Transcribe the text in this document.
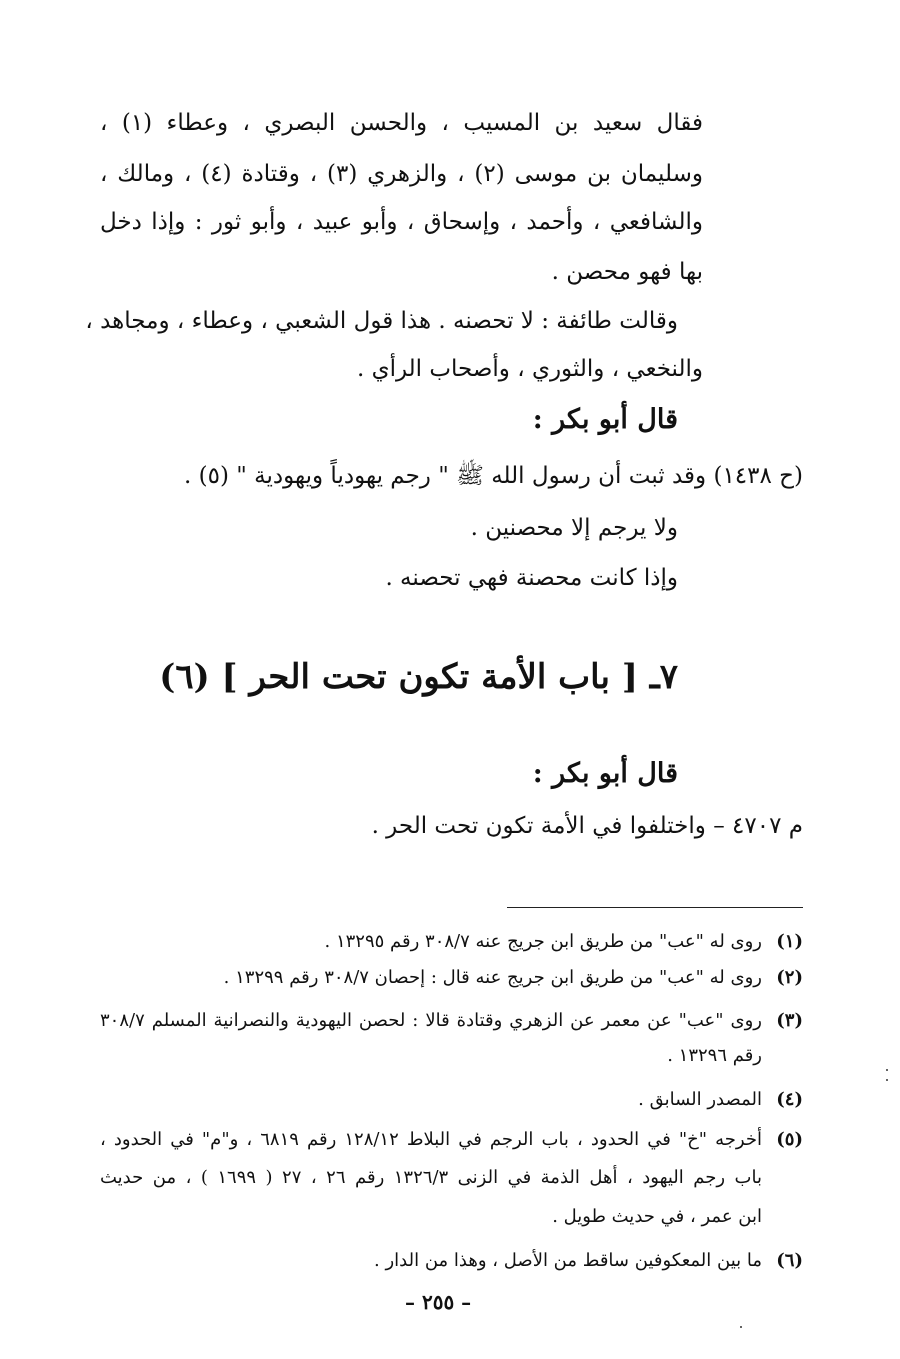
فقال سعيد بن المسيب ، والحسن البصري ، وعطاء (١) ،
وسليمان بن موسى (٢) ، والزهري (٣) ، وقتادة (٤) ، ومالك ،
والشافعي ، وأحمد ، وإسحاق ، وأبو عبيد ، وأبو ثور : وإذا دخل
بها فهو محصن .
وقالت طائفة : لا تحصنه . هذا قول الشعبي ، وعطاء ، ومجاهد ،
والنخعي ، والثوري ، وأصحاب الرأي .
قال أبو بكر :
(ح ١٤٣٨) وقد ثبت أن رسول الله ﷺ " رجم يهودياً ويهودية " (٥) .
ولا يرجم إلا محصنين .
وإذا كانت محصنة فهي تحصنه .
٧ـ [ باب الأمة تكون تحت الحر ] (٦)
قال أبو بكر :
م ٤٧٠٧ – واختلفوا في الأمة تكون تحت الحر .
(١)
روى له "عب" من طريق ابن جريج عنه ٣٠٨/٧ رقم ١٣٢٩٥ .
(٢)
روى له "عب" من طريق ابن جريج عنه قال : إحصان ٣٠٨/٧ رقم ١٣٢٩٩ .
(٣)
روى "عب" عن معمر عن الزهري وقتادة قالا : لحصن اليهودية والنصرانية المسلم ٣٠٨/٧
رقم ١٣٢٩٦ .
(٤)
المصدر السابق .
(٥)
أخرجه "خ" في الحدود ، باب الرجم في البلاط ١٢٨/١٢ رقم ٦٨١٩ ، و"م" في الحدود ،
باب رجم اليهود ، أهل الذمة في الزنى ١٣٢٦/٣ رقم ٢٦ ، ٢٧ ( ١٦٩٩ ) ، من حديث
ابن عمر ، في حديث طويل .
(٦)
ما بين المعكوفين ساقط من الأصل ، وهذا من الدار .
– ٢٥٥ –
